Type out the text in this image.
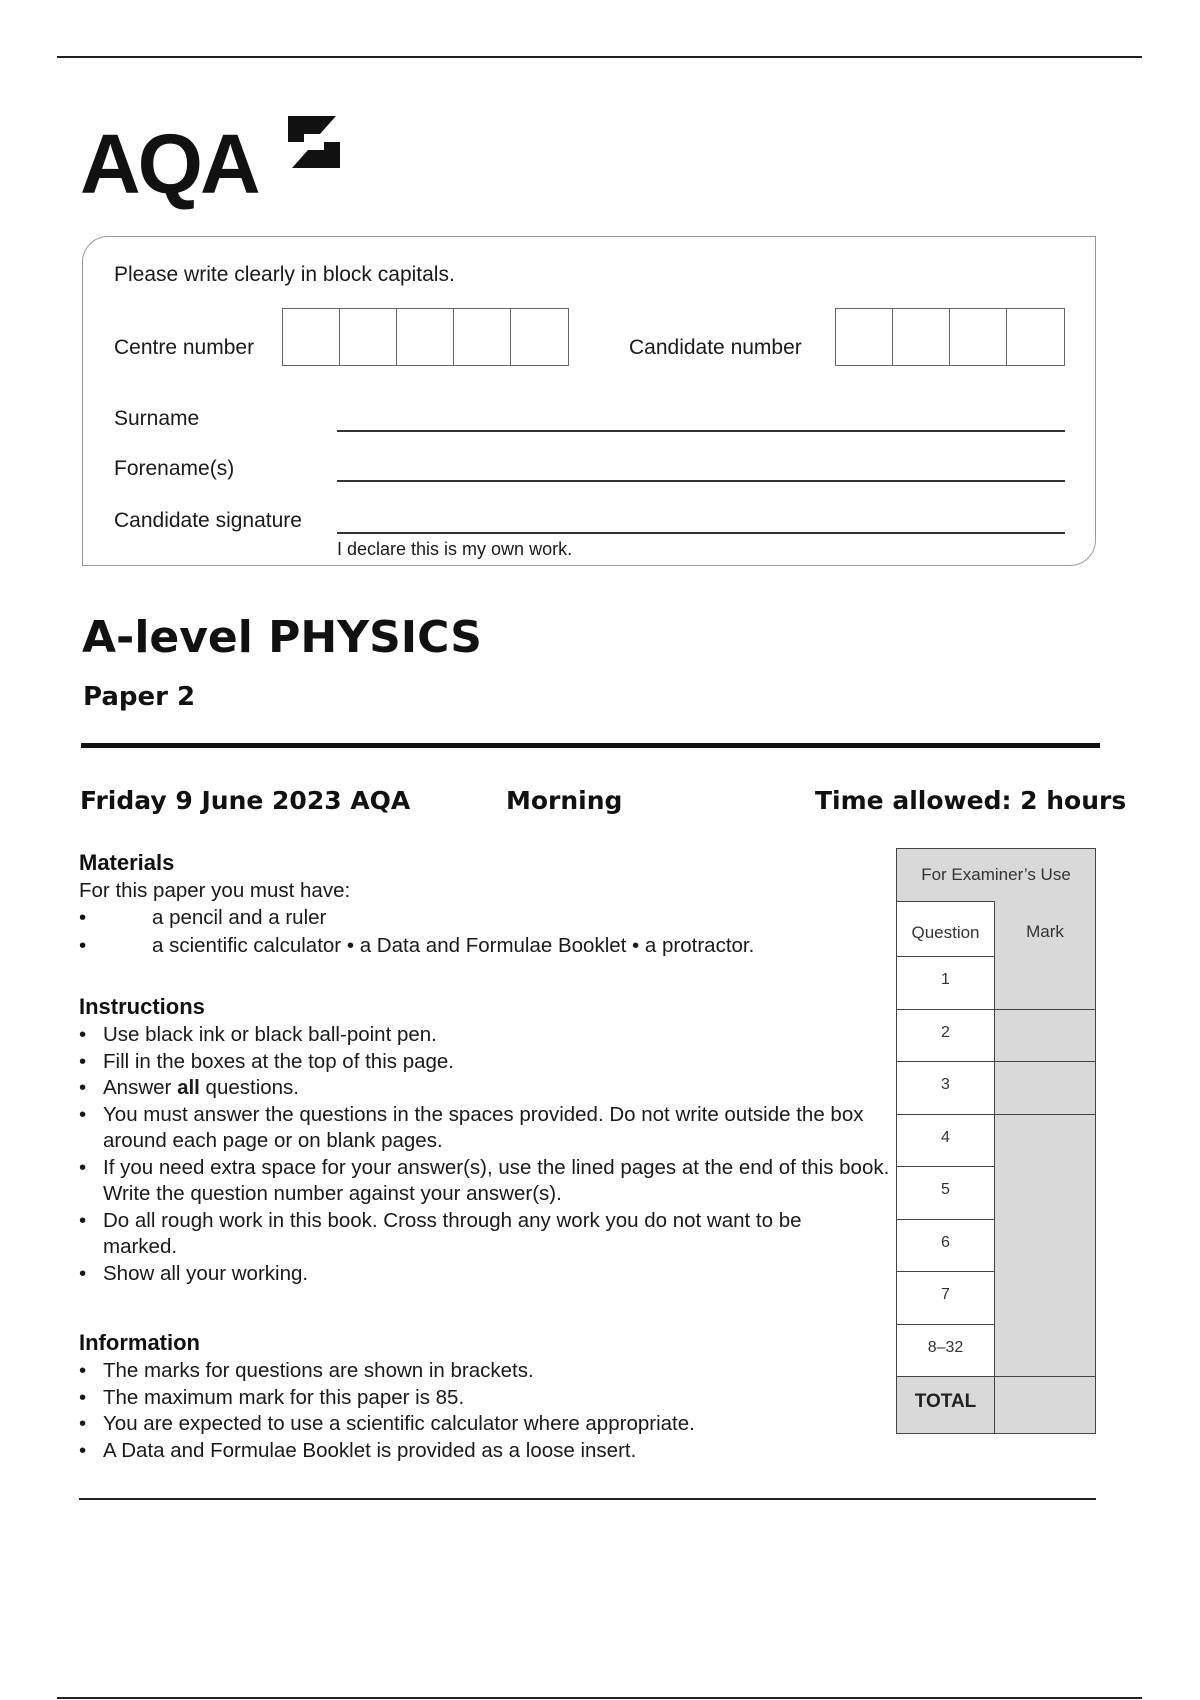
AQA
Please write clearly in block capitals.
Centre number	Candidate number
Surname
Forename(s)
Candidate signature
I declare this is my own work.
A-level PHYSICS
Paper 2
Friday 9 June 2023 AQA	Morning	Time allowed: 2 hours
Materials
For this paper you must have:
•	a pencil and a ruler
•	a scientific calculator • a Data and Formulae Booklet • a protractor.
Instructions
• Use black ink or black ball-point pen.
• Fill in the boxes at the top of this page.
• Answer all questions.
• You must answer the questions in the spaces provided. Do not write outside the box around each page or on blank pages.
• If you need extra space for your answer(s), use the lined pages at the end of this book. Write the question number against your answer(s).
• Do all rough work in this book. Cross through any work you do not want to be marked.
• Show all your working.
Information
• The marks for questions are shown in brackets.
• The maximum mark for this paper is 85.
• You are expected to use a scientific calculator where appropriate.
• A Data and Formulae Booklet is provided as a loose insert.
For Examiner’s Use
Question	Mark
1
2
3
4
5
6
7
8–32
TOTAL
